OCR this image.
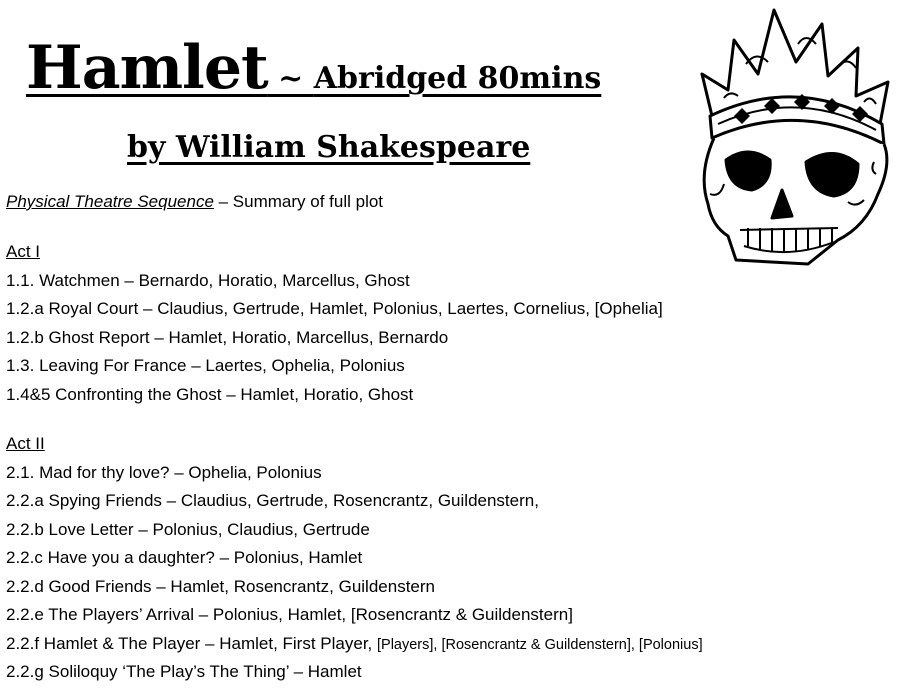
Hamlet ~ Abridged 80mins
by William Shakespeare
Physical Theatre Sequence – Summary of full plot
Act I
1.1. Watchmen – Bernardo, Horatio, Marcellus, Ghost
1.2.a Royal Court – Claudius, Gertrude, Hamlet, Polonius, Laertes, Cornelius, [Ophelia]
1.2.b Ghost Report – Hamlet, Horatio, Marcellus, Bernardo
1.3. Leaving For France – Laertes, Ophelia, Polonius
1.4&5 Confronting the Ghost – Hamlet, Horatio, Ghost
Act II
2.1. Mad for thy love? – Ophelia, Polonius
2.2.a Spying Friends – Claudius, Gertrude, Rosencrantz, Guildenstern,
2.2.b Love Letter – Polonius, Claudius, Gertrude
2.2.c Have you a daughter? – Polonius, Hamlet
2.2.d Good Friends – Hamlet, Rosencrantz, Guildenstern
2.2.e The Players’ Arrival – Polonius, Hamlet, [Rosencrantz & Guildenstern]
2.2.f Hamlet & The Player – Hamlet, First Player, [Players], [Rosencrantz & Guildenstern], [Polonius]
2.2.g Soliloquy ‘The Play’s The Thing’ – Hamlet
